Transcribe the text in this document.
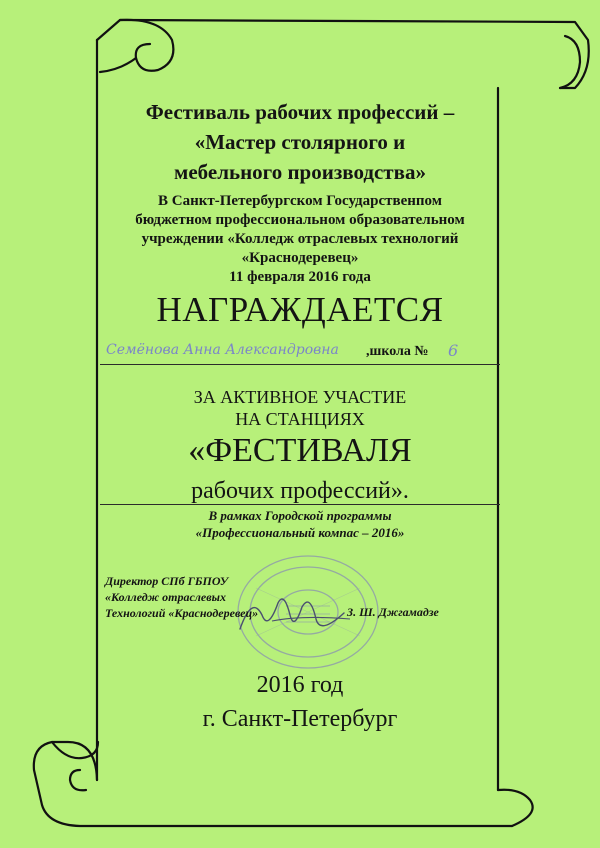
Фестиваль рабочих профессий –

«Мастер столярного и

мебельного производства»

В Санкт-Петербургском Государственпом

бюджетном профессиональном образовательном

учреждении «Колледж отраслевых технологий

«Краснодеревец»

11 февраля 2016 года

НАГРАЖДАЕТСЯ

Семёнова Анна Александровна	,школа № 6

ЗА АКТИВНОЕ УЧАСТИЕ

НА СТАНЦИЯХ

«ФЕСТИВАЛЯ

рабочих профессий».

В рамках Городской программы

«Профессиональный компас – 2016»

Директор СПб ГБПОУ
«Колледж отраслевых
Технологий «Краснодеревец»	З. Ш. Джгамадзе

2016 год

г. Санкт-Петербург
